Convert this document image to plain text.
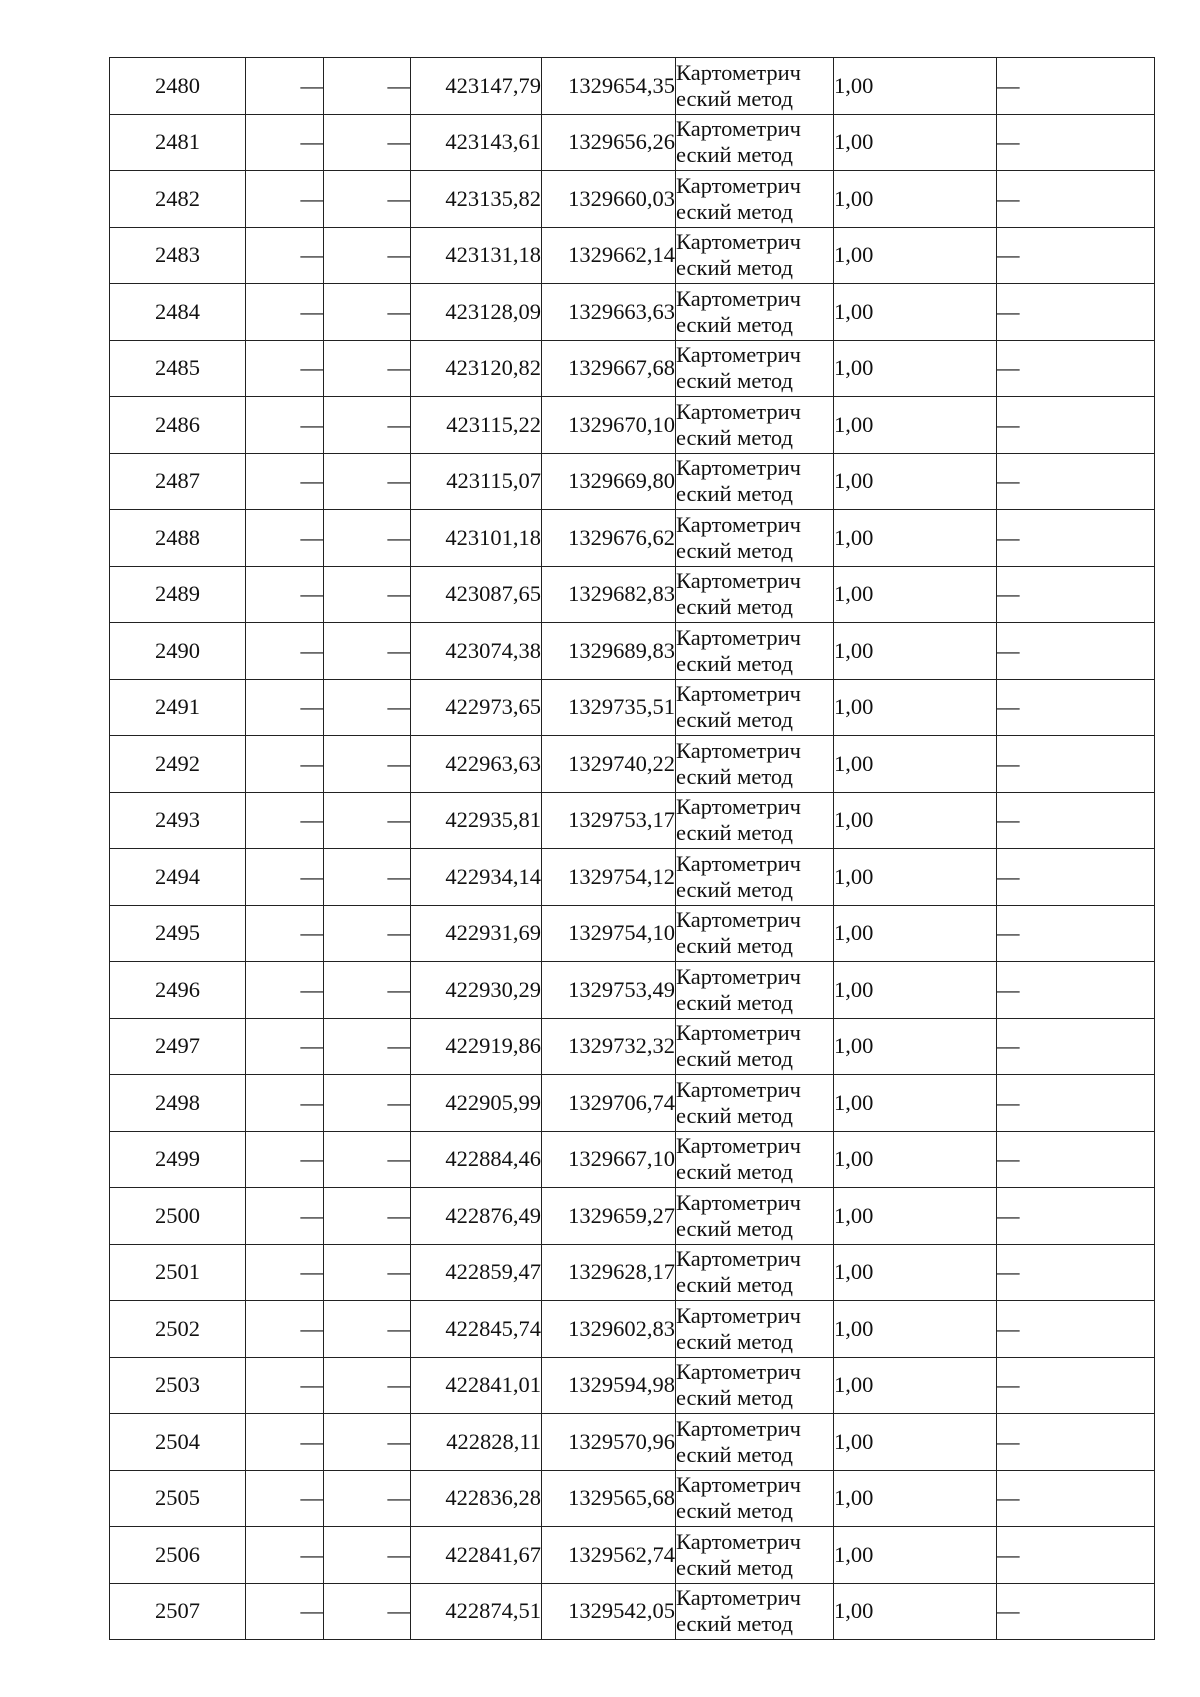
2480	—	—	423147,79	1329654,35	Картометрич
еский метод	1,00	—
2481	—	—	423143,61	1329656,26	Картометрич
еский метод	1,00	—
2482	—	—	423135,82	1329660,03	Картометрич
еский метод	1,00	—
2483	—	—	423131,18	1329662,14	Картометрич
еский метод	1,00	—
2484	—	—	423128,09	1329663,63	Картометрич
еский метод	1,00	—
2485	—	—	423120,82	1329667,68	Картометрич
еский метод	1,00	—
2486	—	—	423115,22	1329670,10	Картометрич
еский метод	1,00	—
2487	—	—	423115,07	1329669,80	Картометрич
еский метод	1,00	—
2488	—	—	423101,18	1329676,62	Картометрич
еский метод	1,00	—
2489	—	—	423087,65	1329682,83	Картометрич
еский метод	1,00	—
2490	—	—	423074,38	1329689,83	Картометрич
еский метод	1,00	—
2491	—	—	422973,65	1329735,51	Картометрич
еский метод	1,00	—
2492	—	—	422963,63	1329740,22	Картометрич
еский метод	1,00	—
2493	—	—	422935,81	1329753,17	Картометрич
еский метод	1,00	—
2494	—	—	422934,14	1329754,12	Картометрич
еский метод	1,00	—
2495	—	—	422931,69	1329754,10	Картометрич
еский метод	1,00	—
2496	—	—	422930,29	1329753,49	Картометрич
еский метод	1,00	—
2497	—	—	422919,86	1329732,32	Картометрич
еский метод	1,00	—
2498	—	—	422905,99	1329706,74	Картометрич
еский метод	1,00	—
2499	—	—	422884,46	1329667,10	Картометрич
еский метод	1,00	—
2500	—	—	422876,49	1329659,27	Картометрич
еский метод	1,00	—
2501	—	—	422859,47	1329628,17	Картометрич
еский метод	1,00	—
2502	—	—	422845,74	1329602,83	Картометрич
еский метод	1,00	—
2503	—	—	422841,01	1329594,98	Картометрич
еский метод	1,00	—
2504	—	—	422828,11	1329570,96	Картометрич
еский метод	1,00	—
2505	—	—	422836,28	1329565,68	Картометрич
еский метод	1,00	—
2506	—	—	422841,67	1329562,74	Картометрич
еский метод	1,00	—
2507	—	—	422874,51	1329542,05	Картометрич
еский метод	1,00	—
